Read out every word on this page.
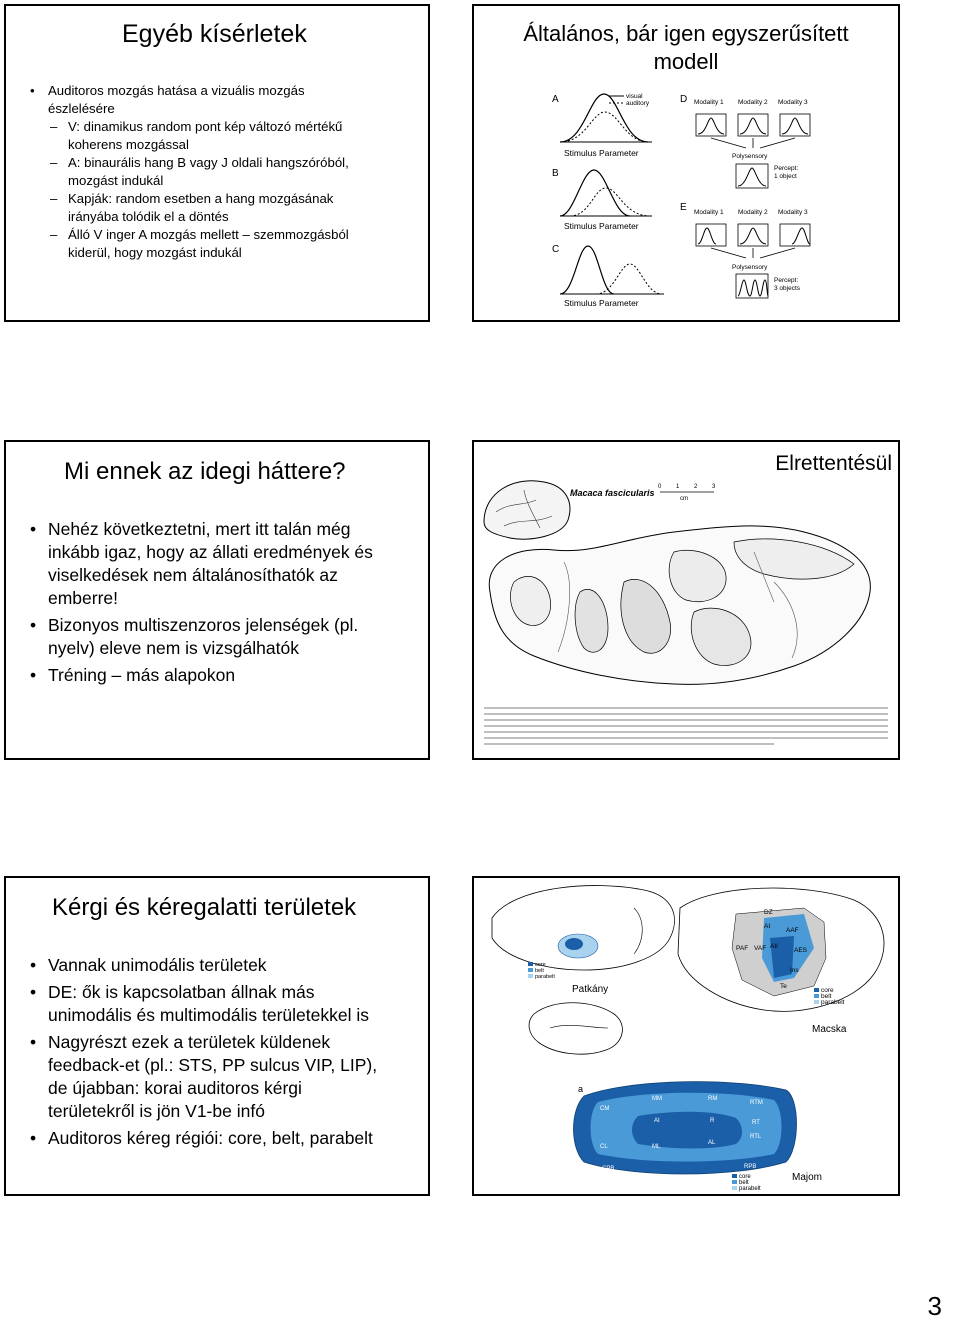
Egyéb kísérletek
• Auditoros mozgás hatása a vizuális mozgás
észlelésére
– V: dinamikus random pont kép változó mértékű
koherens mozgással
– A: binaurális hang B vagy J oldali hangszóróból,
mozgást indukál
– Kapják: random esetben a hang mozgásának
irányába tolódik el a döntés
– Álló V inger A mozgás mellett – szemmozgásból
kiderül, hogy mozgást indukál
Általános, bár igen egyszerűsített
modell
A	visual
auditory
Stimulus Parameter
B
Stimulus Parameter
C
Stimulus Parameter
D Modality 1 Modality 2 Modality 3
Polysensory
Percept:
1 object
E Modality 1 Modality 2 Modality 3
Polysensory
Percept:
3 objects
Mi ennek az idegi háttere?
• Nehéz következtetni, mert itt talán még
inkább igaz, hogy az állati eredmények és
viselkedések nem általánosíthatók az
emberre!
• Bizonyos multiszenzoros jelenségek (pl.
nyelv) eleve nem is vizsgálhatók
• Tréning – más alapokon
Elrettentésül
Macaca fascicularis
0 1 2 3
cm
Kérgi és kéregalatti területek
• Vannak unimodális területek
• DE: ők is kapcsolatban állnak más
unimodális és multimodális területekkel is
• Nagyrészt ezek a területek küldenek
feedback-et (pl.: STS, PP sulcus VIP, LIP),
de újabban: korai auditoros kérgi
területekről is jön V1-be infó
• Auditoros kéreg régiói: core, belt, parabelt
core
belt
parabelt
Patkány
DZ
AI
AAF
PAF VAF AII
AES
Ins
Te
core
belt
parabelt
Macska
a
CM
MM	RM
RTM
AI	R	RT
CL	ML
AL
RTL
CPB	RPB
core
belt
parabelt
Majom
3
